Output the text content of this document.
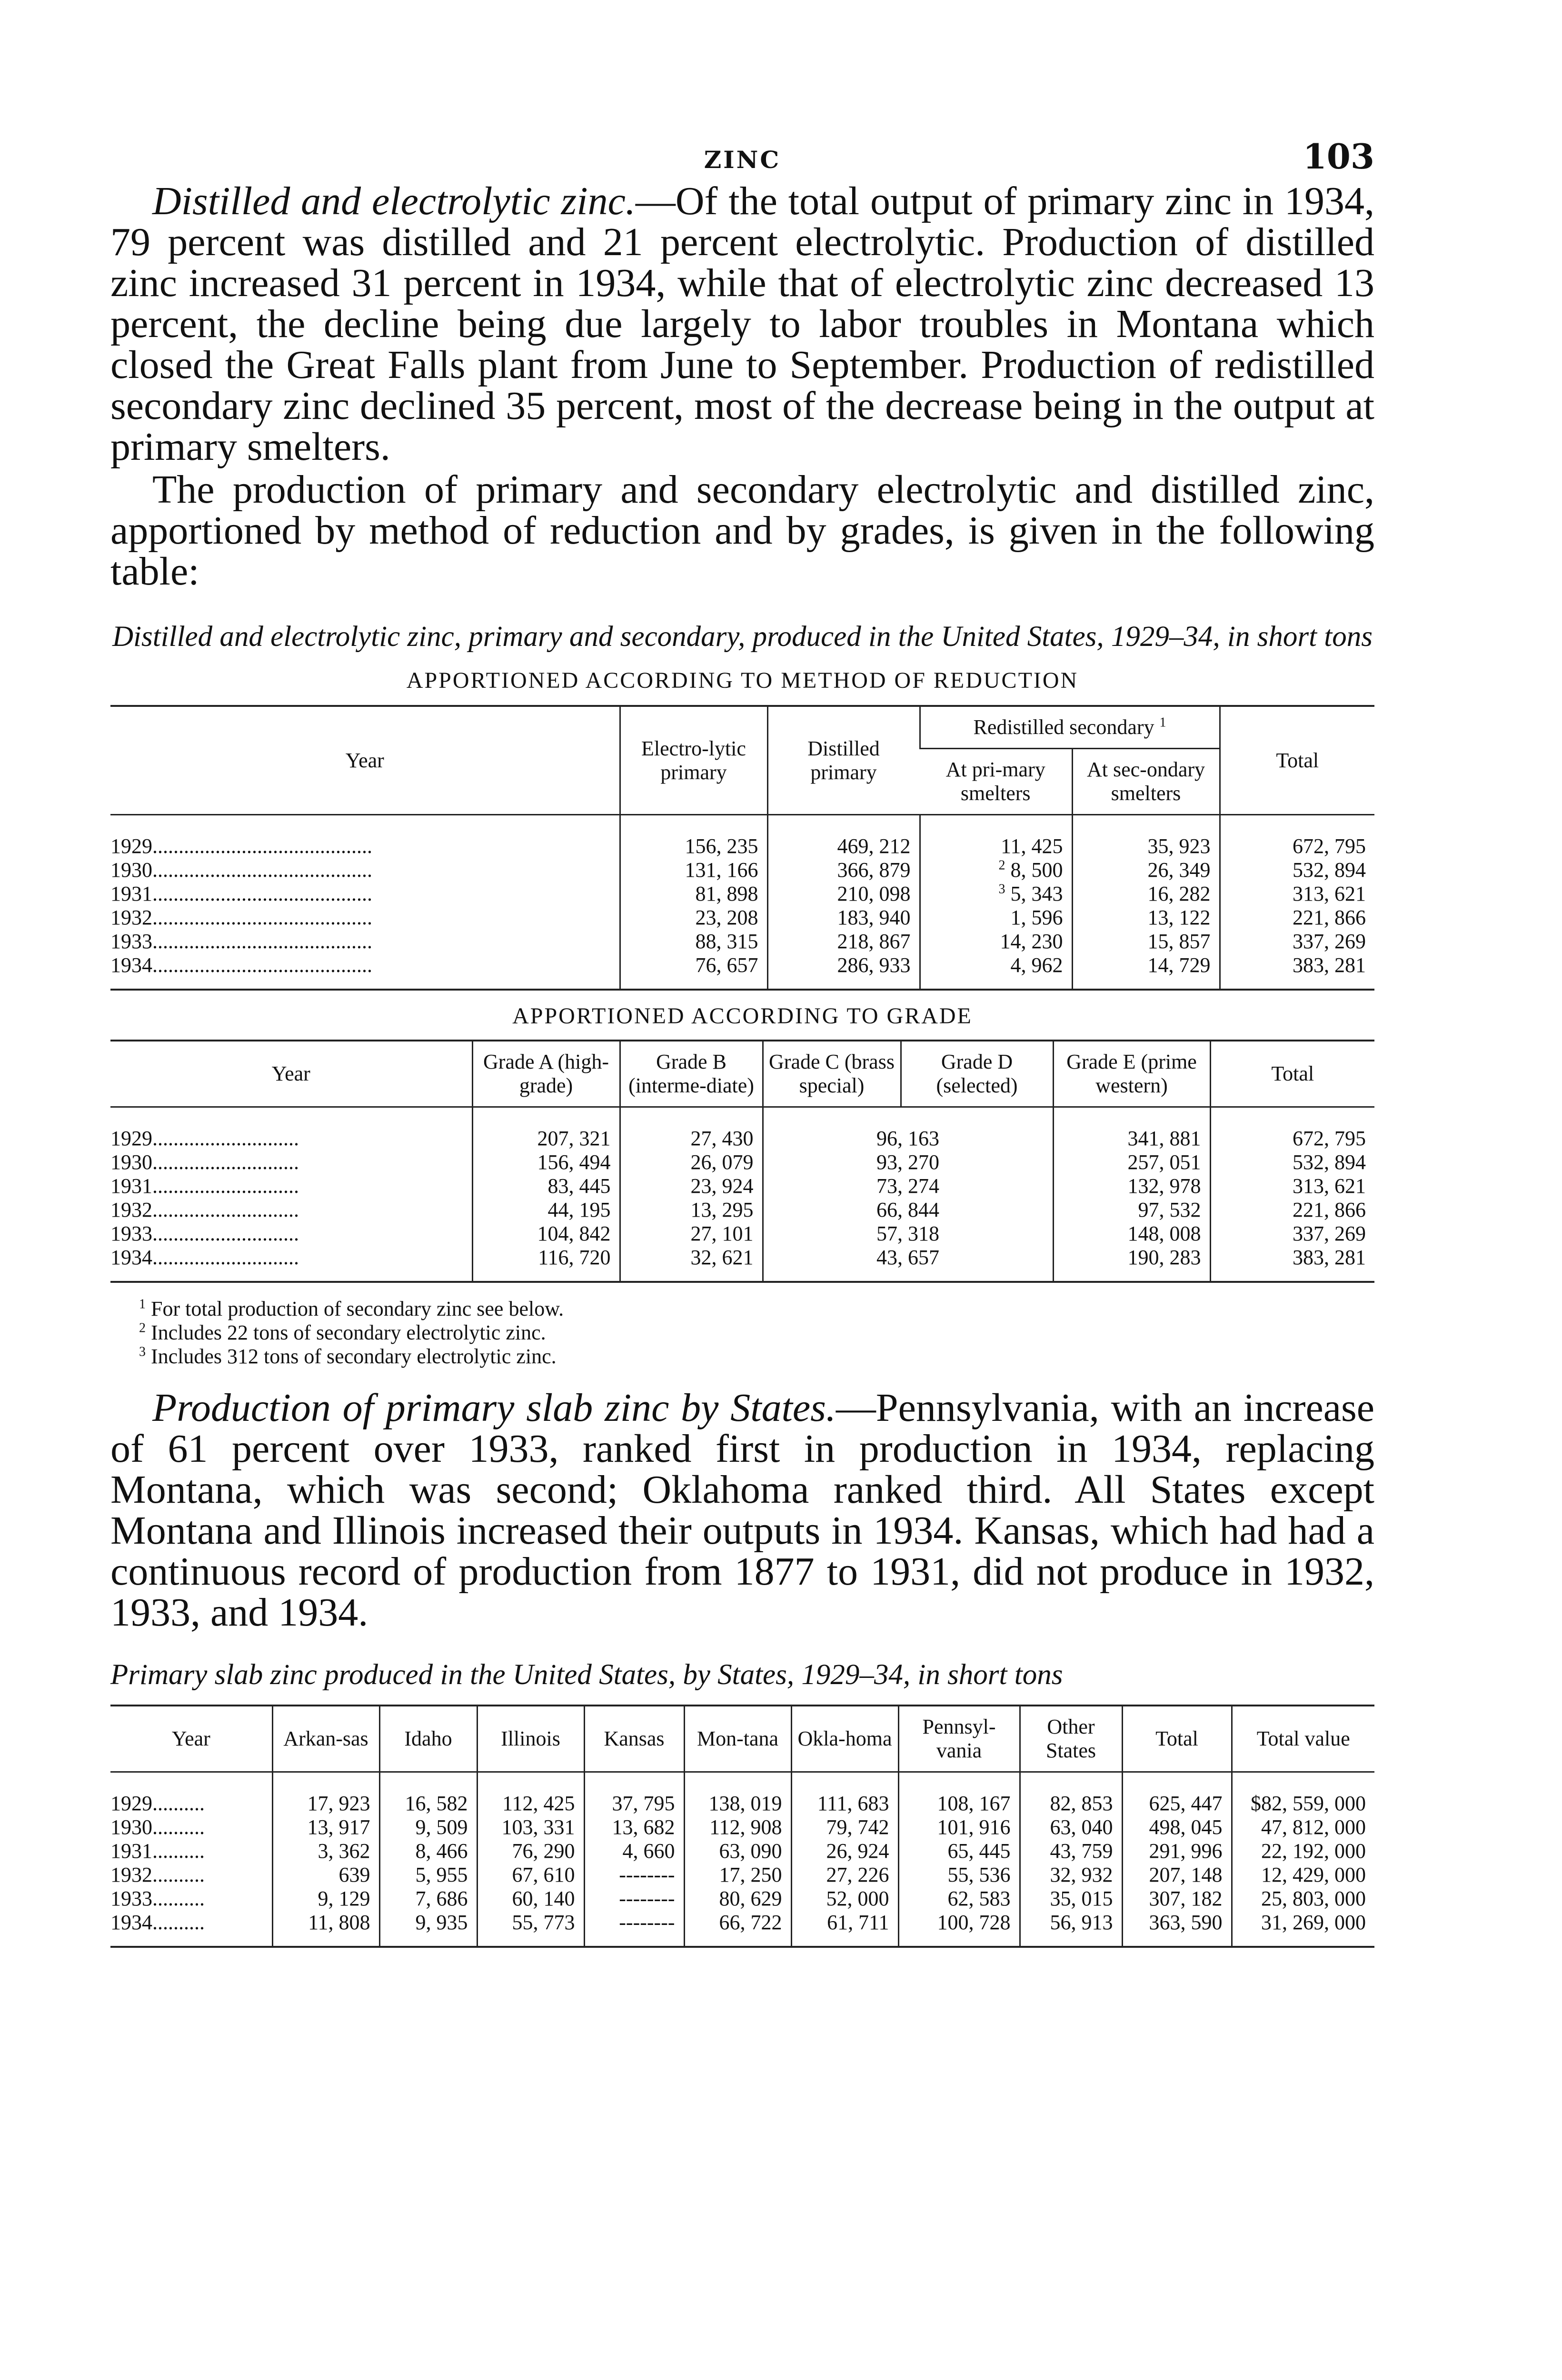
ZINC	103

Distilled and electrolytic zinc.—Of the total output of primary zinc in 1934, 79 percent was distilled and 21 percent electrolytic. Production of distilled zinc increased 31 percent in 1934, while that of electrolytic zinc decreased 13 percent, the decline being due largely to labor troubles in Montana which closed the Great Falls plant from June to September. Production of redistilled secondary zinc declined 35 percent, most of the decrease being in the output at primary smelters.

The production of primary and secondary electrolytic and distilled zinc, apportioned by method of reduction and by grades, is given in the following table:

Distilled and electrolytic zinc, primary and secondary, produced in the United States, 1929–34, in short tons
APPORTIONED ACCORDING TO METHOD OF REDUCTION
Year	Electro-lytic primary	Distilled primary	Redistilled secondary $^1$		Total
			At pri-mary smelters	At sec-ondary smelters	
1929..........................................	156, 235	469, 212	11, 425	35, 923	672, 795
1930..........................................	131, 166	366, 879	$^2$ 8, 500	26, 349	532, 894
1931..........................................	81, 898	210, 098	$^3$ 5, 343	16, 282	313, 621
1932..........................................	23, 208	183, 940	1, 596	13, 122	221, 866
1933..........................................	88, 315	218, 867	14, 230	15, 857	337, 269
1934..........................................	76, 657	286, 933	4, 962	14, 729	383, 281
APPORTIONED ACCORDING TO GRADE
Year	Grade A (high-grade)	Grade B (interme-diate)	Grade C (brass special)	Grade D (selected)	Grade E (prime western)	Total
1929............................	207, 321	27, 430	96, 163		341, 881	672, 795
1930............................	156, 494	26, 079	93, 270		257, 051	532, 894
1931............................	83, 445	23, 924	73, 274		132, 978	313, 621
1932............................	44, 195	13, 295	66, 844		97, 532	221, 866
1933............................	104, 842	27, 101	57, 318		148, 008	337, 269
1934............................	116, 720	32, 621	43, 657		190, 283	383, 281
$^1$ For total production of secondary zinc see below.
$^2$ Includes 22 tons of secondary electrolytic zinc.
$^3$ Includes 312 tons of secondary electrolytic zinc.

Production of primary slab zinc by States.—Pennsylvania, with an increase of 61 percent over 1933, ranked first in production in 1934, replacing Montana, which was second; Oklahoma ranked third. All States except Montana and Illinois increased their outputs in 1934. Kansas, which had had a continuous record of production from 1877 to 1931, did not produce in 1932, 1933, and 1934.

Primary slab zinc produced in the United States, by States, 1929–34, in short tons
Year	Arkan-sas	Idaho	Illinois	Kansas	Mon-tana	Okla-homa	Pennsyl-vania	Other States	Total	Total value
1929..........	17, 923	16, 582	112, 425	37, 795	138, 019	111, 683	108, 167	82, 853	625, 447	$82, 559, 000
1930..........	13, 917	9, 509	103, 331	13, 682	112, 908	79, 742	101, 916	63, 040	498, 045	47, 812, 000
1931..........	3, 362	8, 466	76, 290	4, 660	63, 090	26, 924	65, 445	43, 759	291, 996	22, 192, 000
1932..........	639	5, 955	67, 610	--------	17, 250	27, 226	55, 536	32, 932	207, 148	12, 429, 000
1933..........	9, 129	7, 686	60, 140	--------	80, 629	52, 000	62, 583	35, 015	307, 182	25, 803, 000
1934..........	11, 808	9, 935	55, 773	--------	66, 722	61, 711	100, 728	56, 913	363, 590	31, 269, 000
